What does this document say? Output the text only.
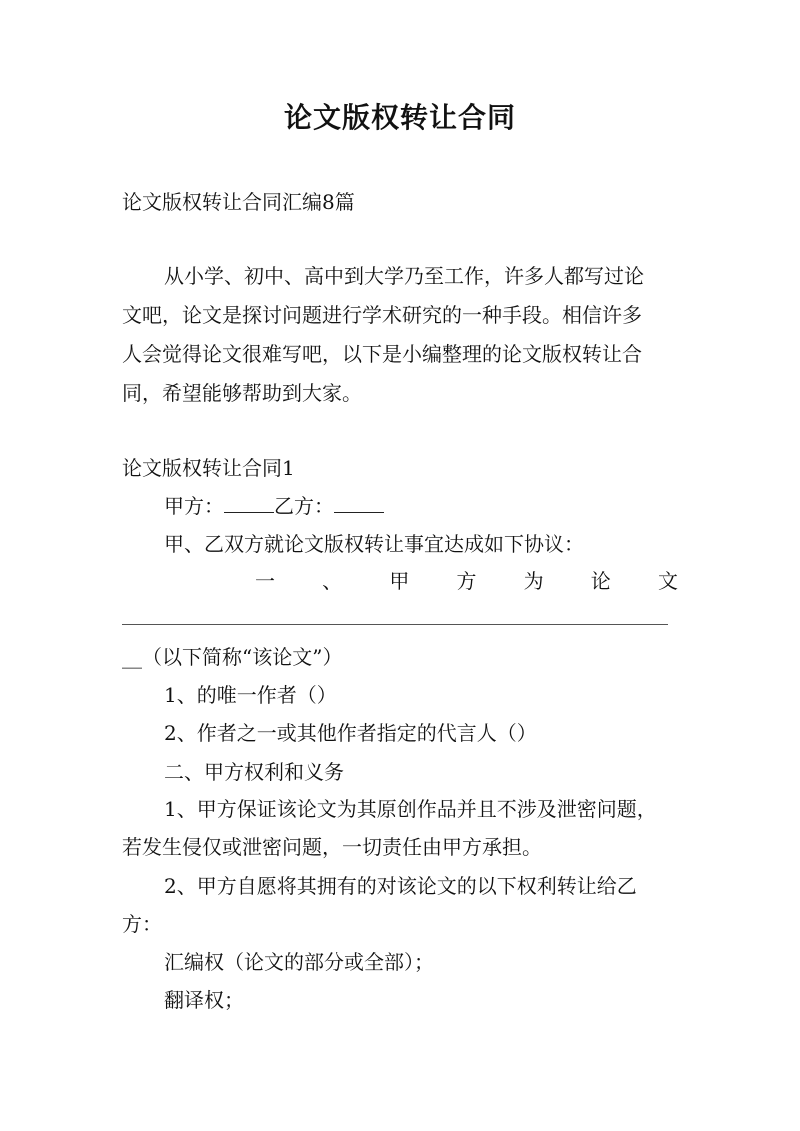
论文版权转让合同
论文版权转让合同汇编8篇
从小学、初中、高中到大学乃至工作，许多人都写过论
文吧，论文是探讨问题进行学术研究的一种手段。相信许多
人会觉得论文很难写吧，以下是小编整理的论文版权转让合
同，希望能够帮助到大家。
论文版权转让合同1
甲方：	乙方：
甲、乙双方就论文版权转让事宜达成如下协议：
一 、 甲 方 为 论 文
__（以下简称“该论文”）
1、的唯一作者（）
2、作者之一或其他作者指定的代言人（）
二、甲方权利和义务
1、甲方保证该论文为其原创作品并且不涉及泄密问题，
若发生侵仅或泄密问题，一切责任由甲方承担。
2、甲方自愿将其拥有的对该论文的以下权利转让给乙
方：
汇编权（论文的部分或全部）；
翻译权；
